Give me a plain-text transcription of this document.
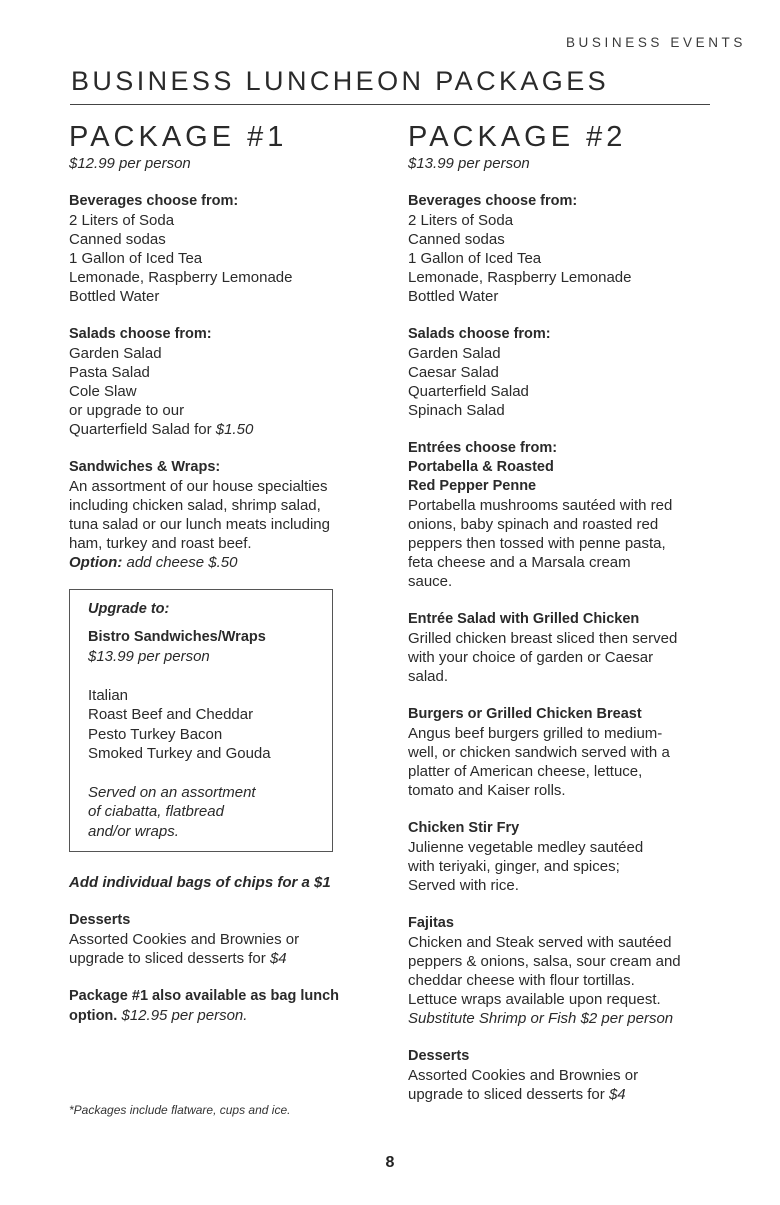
BUSINESS EVENTS
BUSINESS LUNCHEON PACKAGES
PACKAGE #1
$12.99 per person
Beverages choose from:
2 Liters of Soda
Canned sodas
1 Gallon of Iced Tea
Lemonade, Raspberry Lemonade
Bottled Water
Salads choose from:
Garden Salad
Pasta Salad
Cole Slaw
or upgrade to our
Quarterfield Salad for $1.50
Sandwiches & Wraps:
An assortment of our house specialties
including chicken salad, shrimp salad,
tuna salad or our lunch meats including
ham, turkey and roast beef.
Option: add cheese $.50
Upgrade to:
Bistro Sandwiches/Wraps
$13.99 per person
Italian
Roast Beef and Cheddar
Pesto Turkey Bacon
Smoked Turkey and Gouda
Served on an assortment
of ciabatta, flatbread
and/or wraps.
Add individual bags of chips for a $1
Desserts
Assorted Cookies and Brownies or
upgrade to sliced desserts for $4
Package #1 also available as bag lunch
option. $12.95 per person.
PACKAGE #2
$13.99 per person
Beverages choose from:
2 Liters of Soda
Canned sodas
1 Gallon of Iced Tea
Lemonade, Raspberry Lemonade
Bottled Water
Salads choose from:
Garden Salad
Caesar Salad
Quarterfield Salad
Spinach Salad
Entrées choose from:
Portabella & Roasted
Red Pepper Penne
Portabella mushrooms sautéed with red
onions, baby spinach and roasted red
peppers then tossed with penne pasta,
feta cheese and a Marsala cream
sauce.
Entrée Salad with Grilled Chicken
Grilled chicken breast sliced then served
with your choice of garden or Caesar
salad.
Burgers or Grilled Chicken Breast
Angus beef burgers grilled to medium-
well, or chicken sandwich served with a
platter of American cheese, lettuce,
tomato and Kaiser rolls.
Chicken Stir Fry
Julienne vegetable medley sautéed
with teriyaki, ginger, and spices;
Served with rice.
Fajitas
Chicken and Steak served with sautéed
peppers & onions, salsa, sour cream and
cheddar cheese with flour tortillas.
Lettuce wraps available upon request.
Substitute Shrimp or Fish $2 per person
Desserts
Assorted Cookies and Brownies or
upgrade to sliced desserts for $4
*Packages include flatware, cups and ice.
8
